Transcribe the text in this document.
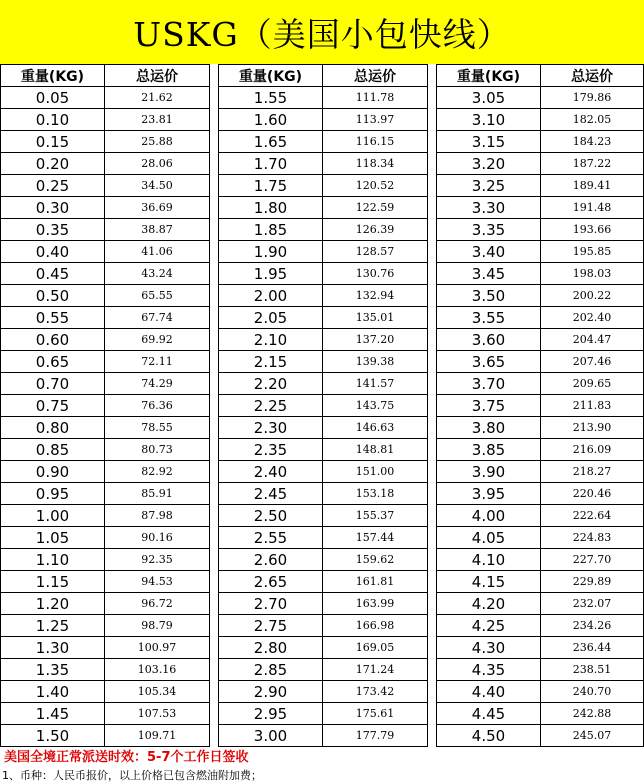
USKG（美国小包快线）
重量(KG)	总运价
0.05	21.62
0.10	23.81
0.15	25.88
0.20	28.06
0.25	34.50
0.30	36.69
0.35	38.87
0.40	41.06
0.45	43.24
0.50	65.55
0.55	67.74
0.60	69.92
0.65	72.11
0.70	74.29
0.75	76.36
0.80	78.55
0.85	80.73
0.90	82.92
0.95	85.91
1.00	87.98
1.05	90.16
1.10	92.35
1.15	94.53
1.20	96.72
1.25	98.79
1.30	100.97
1.35	103.16
1.40	105.34
1.45	107.53
1.50	109.71
重量(KG)	总运价
1.55	111.78
1.60	113.97
1.65	116.15
1.70	118.34
1.75	120.52
1.80	122.59
1.85	126.39
1.90	128.57
1.95	130.76
2.00	132.94
2.05	135.01
2.10	137.20
2.15	139.38
2.20	141.57
2.25	143.75
2.30	146.63
2.35	148.81
2.40	151.00
2.45	153.18
2.50	155.37
2.55	157.44
2.60	159.62
2.65	161.81
2.70	163.99
2.75	166.98
2.80	169.05
2.85	171.24
2.90	173.42
2.95	175.61
3.00	177.79
重量(KG)	总运价
3.05	179.86
3.10	182.05
3.15	184.23
3.20	187.22
3.25	189.41
3.30	191.48
3.35	193.66
3.40	195.85
3.45	198.03
3.50	200.22
3.55	202.40
3.60	204.47
3.65	207.46
3.70	209.65
3.75	211.83
3.80	213.90
3.85	216.09
3.90	218.27
3.95	220.46
4.00	222.64
4.05	224.83
4.10	227.70
4.15	229.89
4.20	232.07
4.25	234.26
4.30	236.44
4.35	238.51
4.40	240.70
4.45	242.88
4.50	245.07
美国全境正常派送时效：5-7个工作日签收
1、币种：人民币报价，以上价格已包含燃油附加费；
